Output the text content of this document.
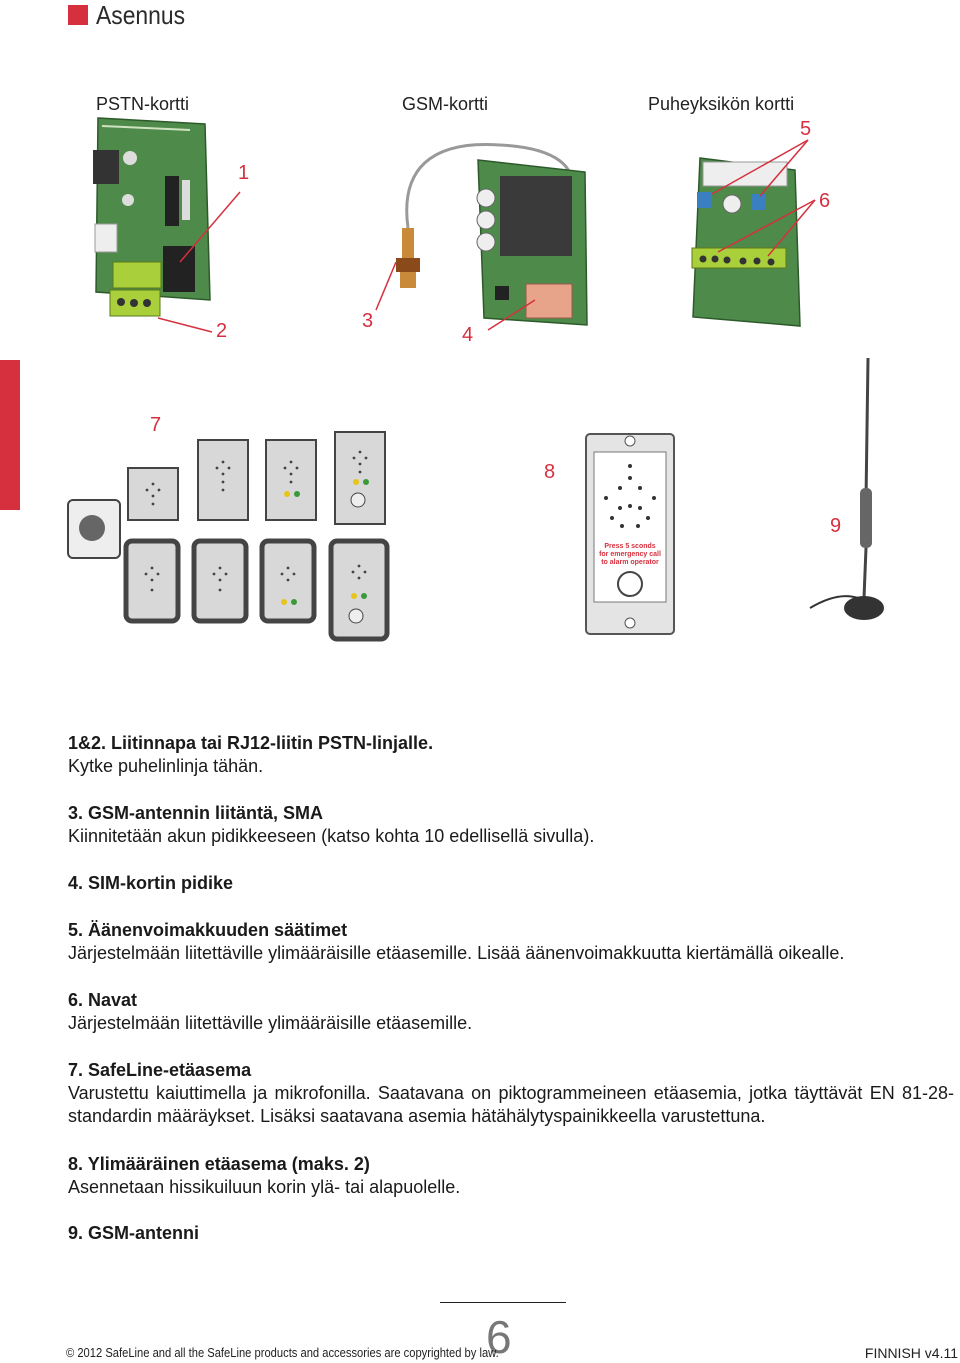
Asennus
PSTN-kortti	GSM-kortti	Puheyksikön kortti
1
2	3
4
5
6
7
8
9
Press 5 sconds
for emergency call
to alarm operator
1&2. Liitinnapa tai RJ12-liitin PSTN-linjalle.
Kytke puhelinlinja tähän.
3. GSM-antennin liitäntä, SMA
Kiinnitetään akun pidikkeeseen (katso kohta 10 edellisellä sivulla).
4. SIM-kortin pidike
5. Äänenvoimakkuuden säätimet
Järjestelmään liitettäville ylimääräisille etäasemille. Lisää äänenvoimakkuutta kiertämällä oikealle.
6. Navat
Järjestelmään liitettäville ylimääräisille etäasemille.
7. SafeLine-etäasema
Varustettu kaiuttimella ja mikrofonilla. Saatavana on piktogrammeineen etäasemia, jotka täyttävät EN 81-28-standardin määräykset. Lisäksi saatavana asemia hätähälytyspainikkeella varustettuna.
8. Ylimääräinen etäasema (maks. 2)
Asennetaan hissikuiluun korin ylä- tai alapuolelle.
9. GSM-antenni
6
© 2012 SafeLine and all the SafeLine products and accessories are copyrighted by law.	FINNISH v4.11
